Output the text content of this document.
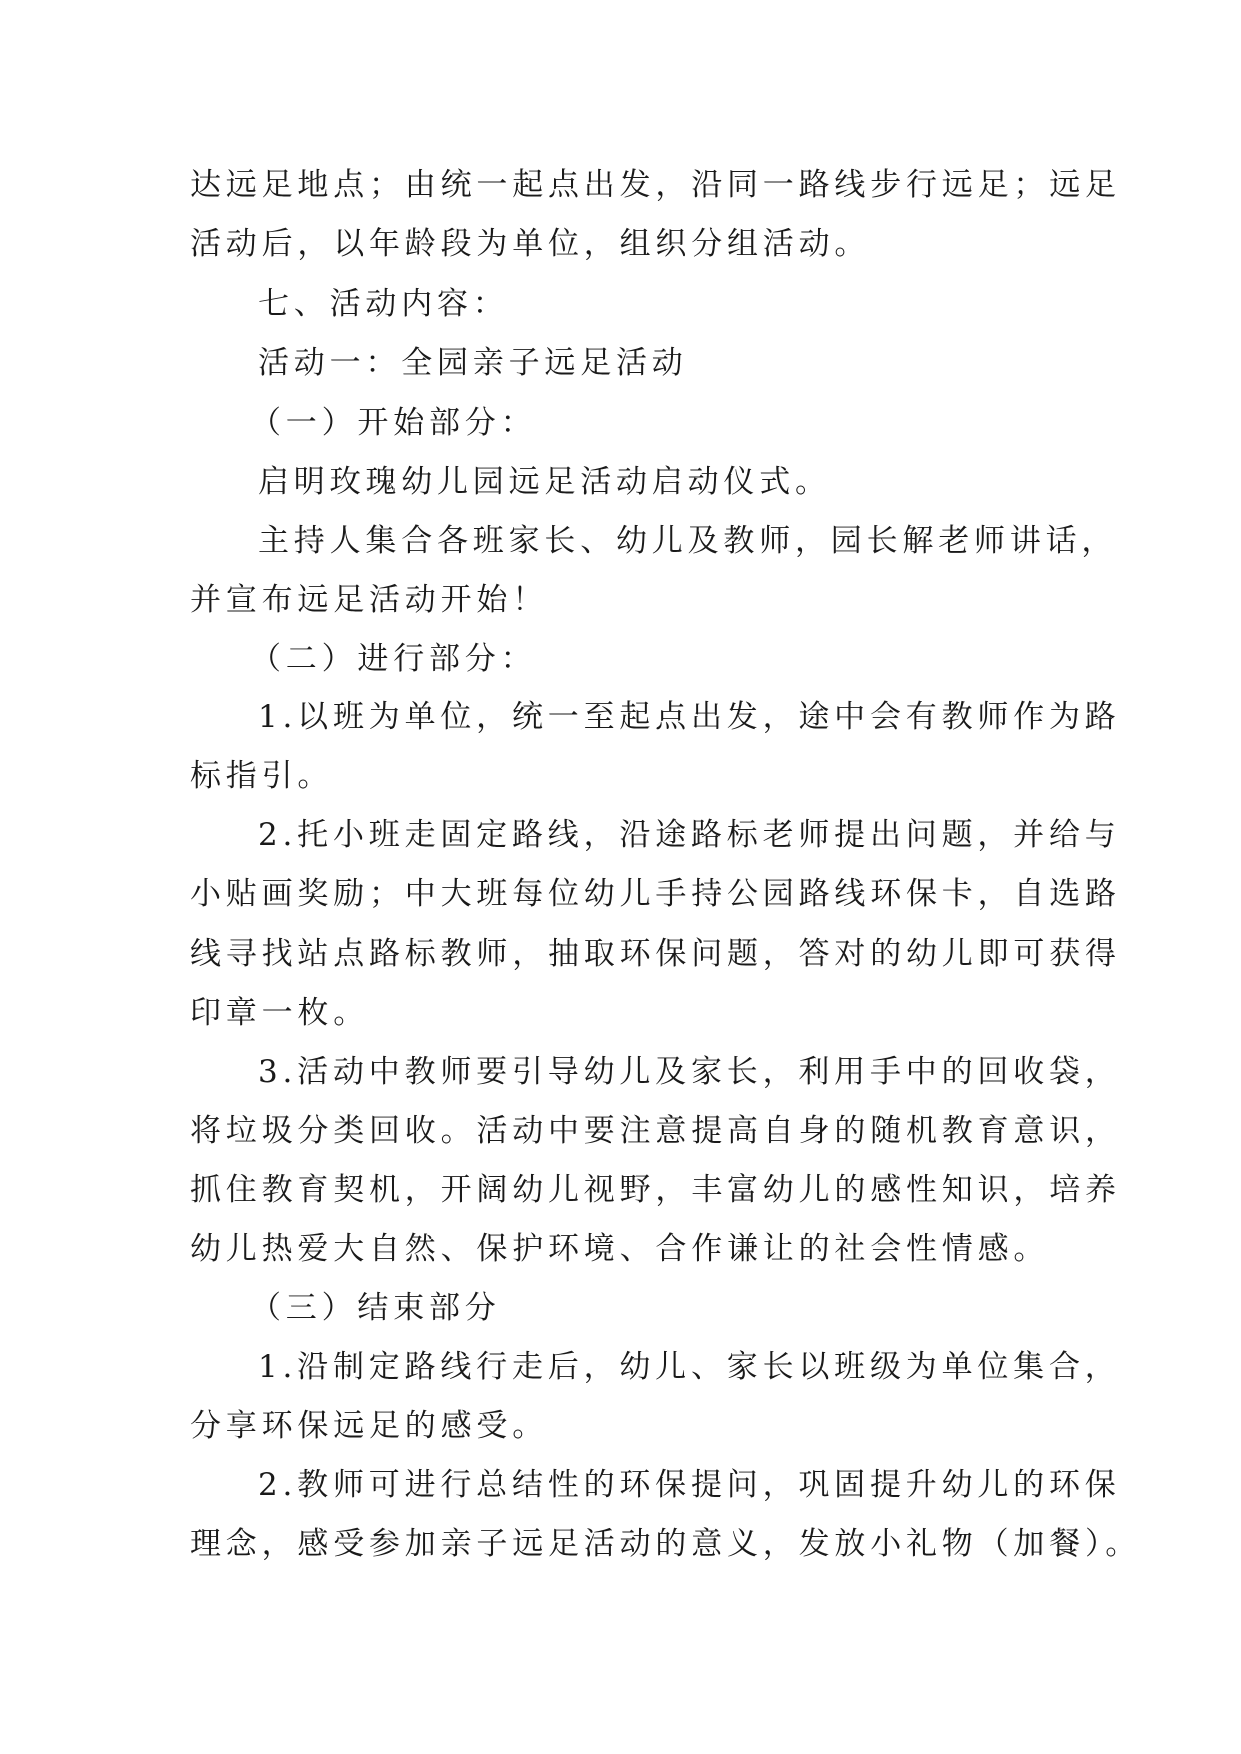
达远足地点；由统一起点出发，沿同一路线步行远足；远足
活动后，以年龄段为单位，组织分组活动。
七、活动内容：
活动一：全园亲子远足活动
（一）开始部分：
启明玫瑰幼儿园远足活动启动仪式。
主持人集合各班家长、幼儿及教师，园长解老师讲话，
并宣布远足活动开始！
（二）进行部分：
1.以班为单位，统一至起点出发，途中会有教师作为路
标指引。
2.托小班走固定路线，沿途路标老师提出问题，并给与
小贴画奖励；中大班每位幼儿手持公园路线环保卡，自选路
线寻找站点路标教师，抽取环保问题，答对的幼儿即可获得
印章一枚。
3.活动中教师要引导幼儿及家长，利用手中的回收袋，
将垃圾分类回收。活动中要注意提高自身的随机教育意识，
抓住教育契机，开阔幼儿视野，丰富幼儿的感性知识，培养
幼儿热爱大自然、保护环境、合作谦让的社会性情感。
（三）结束部分
1.沿制定路线行走后，幼儿、家长以班级为单位集合，
分享环保远足的感受。
2.教师可进行总结性的环保提问，巩固提升幼儿的环保
理念，感受参加亲子远足活动的意义，发放小礼物（加餐）。
